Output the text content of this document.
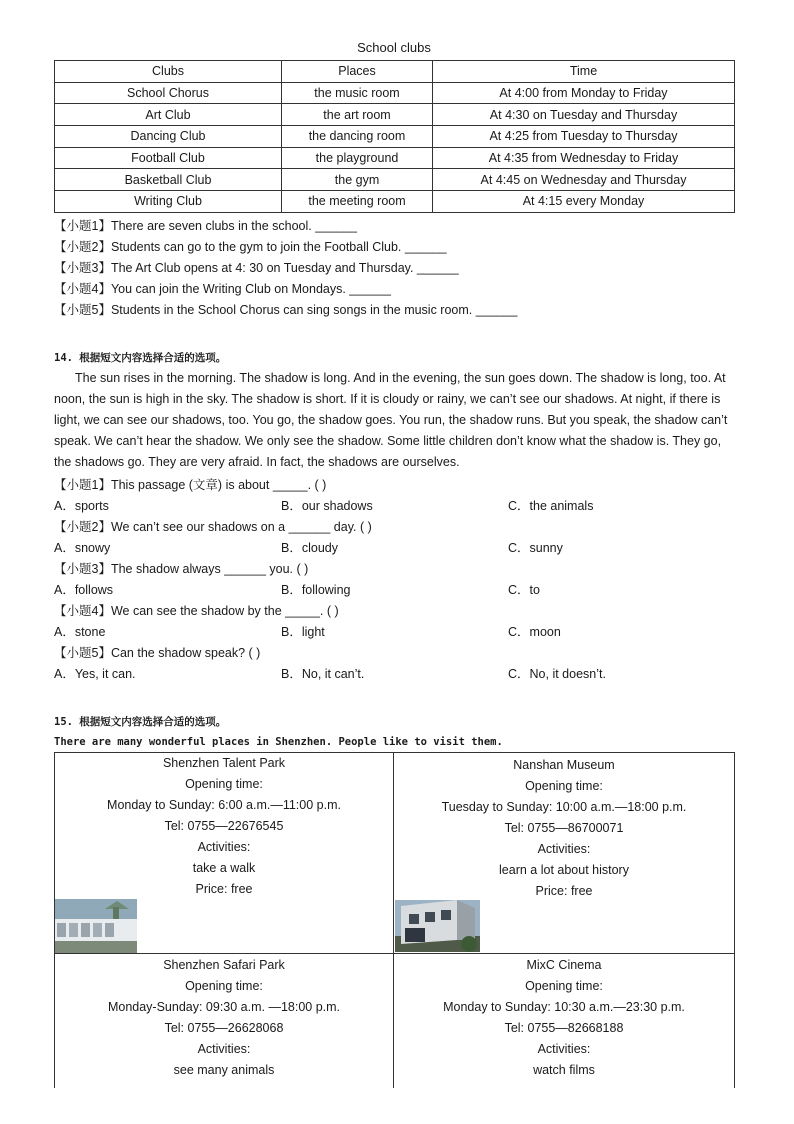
School clubs
Clubs	Places	Time
School Chorus	the music room	At 4:00 from Monday to Friday
Art Club	the art room	At 4:30 on Tuesday and Thursday
Dancing Club	the dancing room	At 4:25 from Tuesday to Thursday
Football Club	the playground	At 4:35 from Wednesday to Friday
Basketball Club	the gym	At 4:45 on Wednesday and Thursday
Writing Club	the meeting room	At 4:15 every Monday
【小题1】There are seven clubs in the school. ______
【小题2】Students can go to the gym to join the Football Club. ______
【小题3】The Art Club opens at 4: 30 on Tuesday and Thursday. ______
【小题4】You can join the Writing Club on Mondays. ______
【小题5】Students in the School Chorus can sing songs in the music room. ______
14. 根据短文内容选择合适的选项。
The sun rises in the morning. The shadow is long. And in the evening, the sun goes down. The shadow is long, too. At noon, the sun is high in the sky. The shadow is short. If it is cloudy or rainy, we can’t see our shadows. At night, if there is light, we can see our shadows, too. You go, the shadow goes. You run, the shadow runs. But you speak, the shadow can’t speak. We can’t hear the shadow. We only see the shadow. Some little children don’t know what the shadow is. They go, the shadows go. They are very afraid. In fact, the shadows are ourselves.
【小题1】This passage (文章) is about _____. ( )
A．sports	B．our shadows	C．the animals
【小题2】We can’t see our shadows on a ______ day. ( )
A．snowy	B．cloudy	C．sunny
【小题3】The shadow always ______ you. ( )
A．follows	B．following	C．to
【小题4】We can see the shadow by the _____. ( )
A．stone	B．light	C．moon
【小题5】Can the shadow speak? ( )
A．Yes, it can.	B．No, it can’t.	C．No, it doesn’t.
15. 根据短文内容选择合适的选项。
There are many wonderful places in Shenzhen. People like to visit them.
Shenzhen Talent Park
Opening time:
Monday to Sunday: 6:00 a.m.—11:00 p.m.
Tel: 0755—22676545
Activities:
take a walk
Price: free
Nanshan Museum
Opening time:
Tuesday to Sunday: 10:00 a.m.—18:00 p.m.
Tel: 0755—86700071
Activities:
learn a lot about history
Price: free
Shenzhen Safari Park
Opening time:
Monday-Sunday: 09:30 a.m. —18:00 p.m.
Tel: 0755—26628068
Activities:
see many animals
MixC Cinema
Opening time:
Monday to Sunday: 10:30 a.m.—23:30 p.m.
Tel: 0755—82668188
Activities:
watch films
